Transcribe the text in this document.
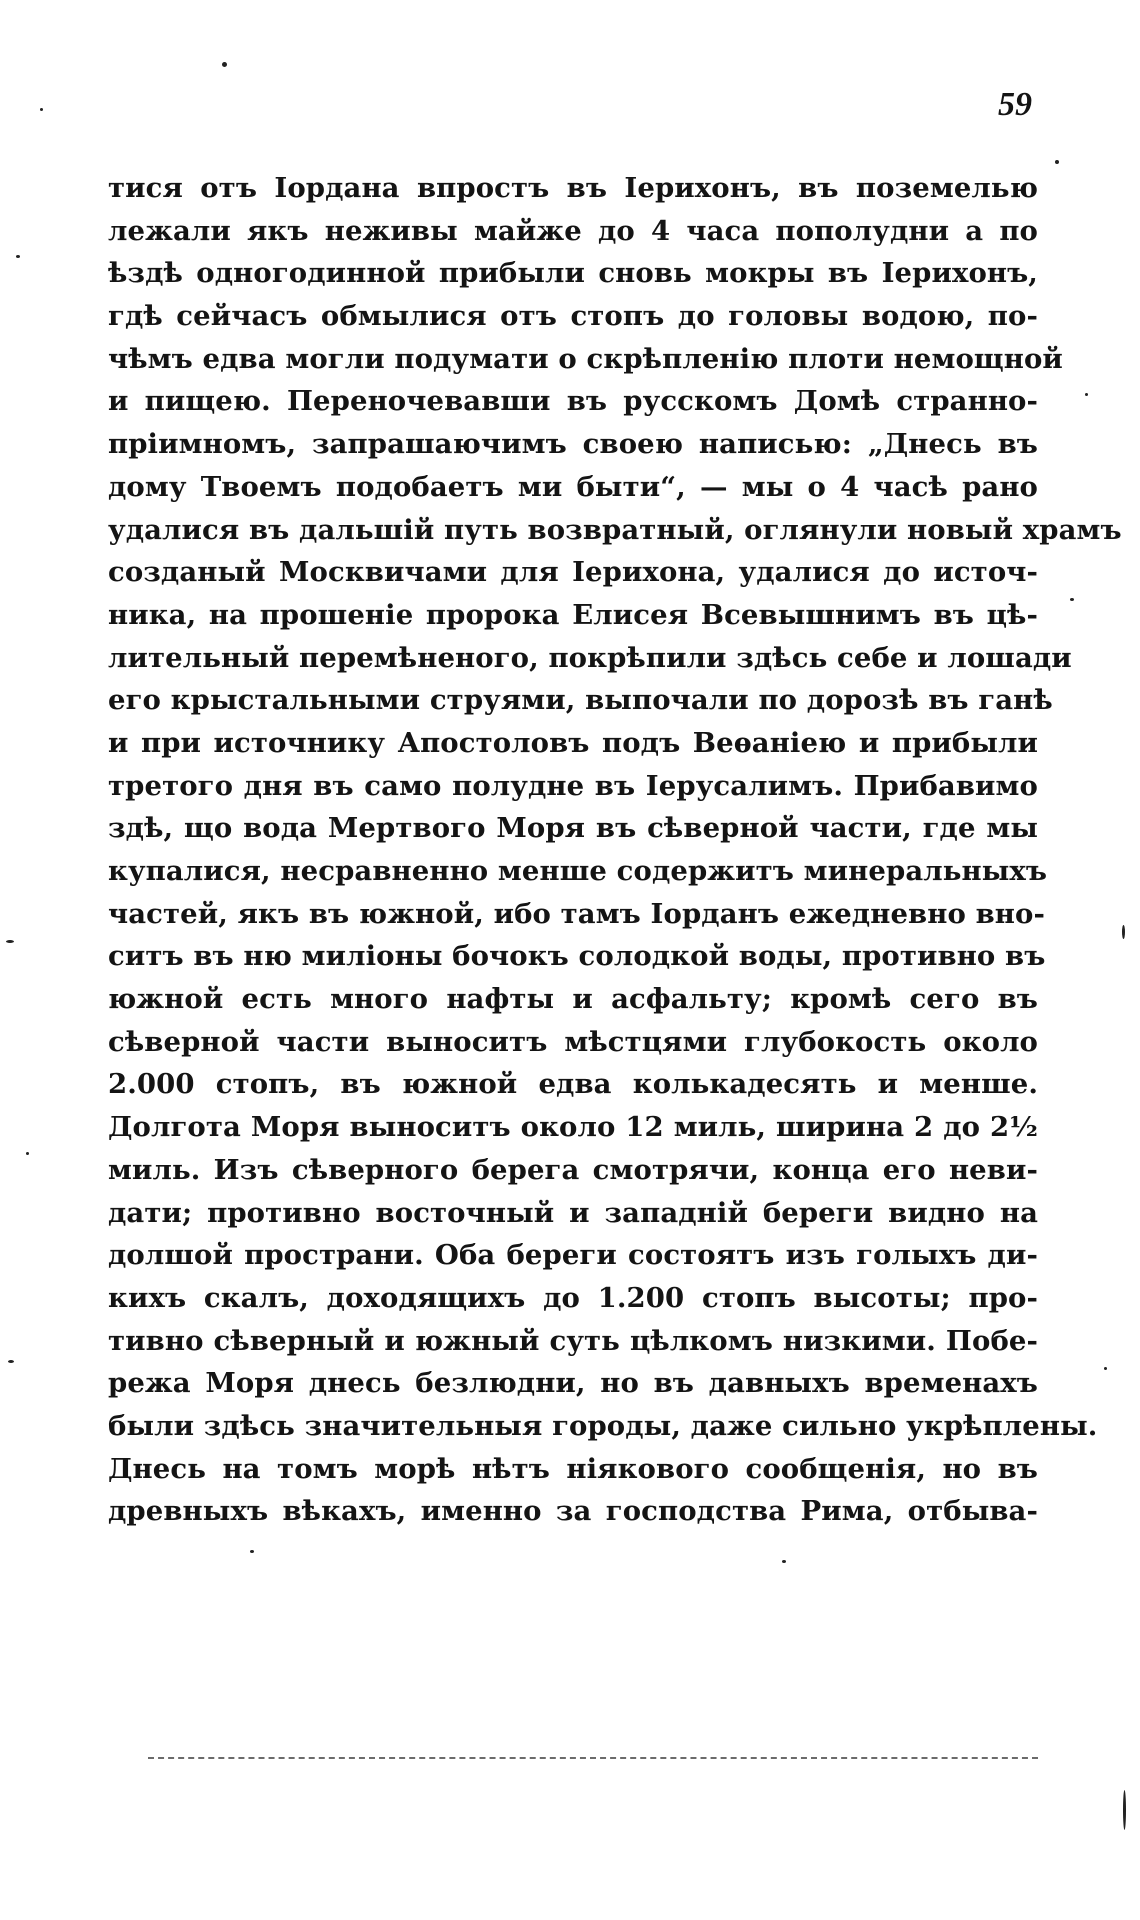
59
тися отъ Іордана впростъ въ Іерихонъ, въ поземелью
лежали якъ неживы майже до 4 часа пополудни а по
ѣздѣ одногодинной прибыли сновь мокры въ Іерихонъ,
гдѣ сейчасъ обмылися отъ стопъ до головы водою, по-
чѣмъ едва могли подумати о скрѣпленію плоти немощной
и пищею. Переночевавши въ русскомъ Домѣ странно-
пріимномъ, запрашаючимъ своею написью: „Днесь въ
дому Твоемъ подобаетъ ми быти“, — мы о 4 часѣ рано
удалися въ дальшій путь возвратный, оглянули новый храмъ
созданый Москвичами для Іерихона, удалися до источ-
ника, на прошеніе пророка Елисея Всевышнимъ въ цѣ-
лительный перемѣненого, покрѣпили здѣсь себе и лошади
его крыстальными струями, выпочали по дорозѣ въ ганѣ
и при источнику Апостоловъ подъ Веѳаніею и прибыли
третого дня въ само полудне въ Іерусалимъ. Прибавимо
здѣ, що вода Мертвого Моря въ сѣверной части, где мы
купалися, несравненно менше содержитъ минеральныхъ
частей, якъ въ южной, ибо тамъ Іорданъ ежедневно вно-
ситъ въ ню миліоны бочокъ солодкой воды, противно въ
южной есть много нафты и асфальту; кромѣ сего въ
сѣверной части выноситъ мѣстцями глубокость около
2.000 стопъ, въ южной едва колькадесять и менше.
Долгота Моря выноситъ около 12 миль, ширина 2 до 2½
миль. Изъ сѣверного берега смотрячи, конца его неви-
дати; противно восточный и западній береги видно на
долшой пространи. Оба береги состоятъ изъ голыхъ ди-
кихъ скалъ, доходящихъ до 1.200 стопъ высоты; про-
тивно сѣверный и южный суть цѣлкомъ низкими. Побе-
режа Моря днесь безлюдни, но въ давныхъ временахъ
были здѣсь значительныя городы, даже сильно укрѣплены.
Днесь на томъ морѣ нѣтъ ніякового сообщенія, но въ
древныхъ вѣкахъ, именно за господства Рима, отбыва-
